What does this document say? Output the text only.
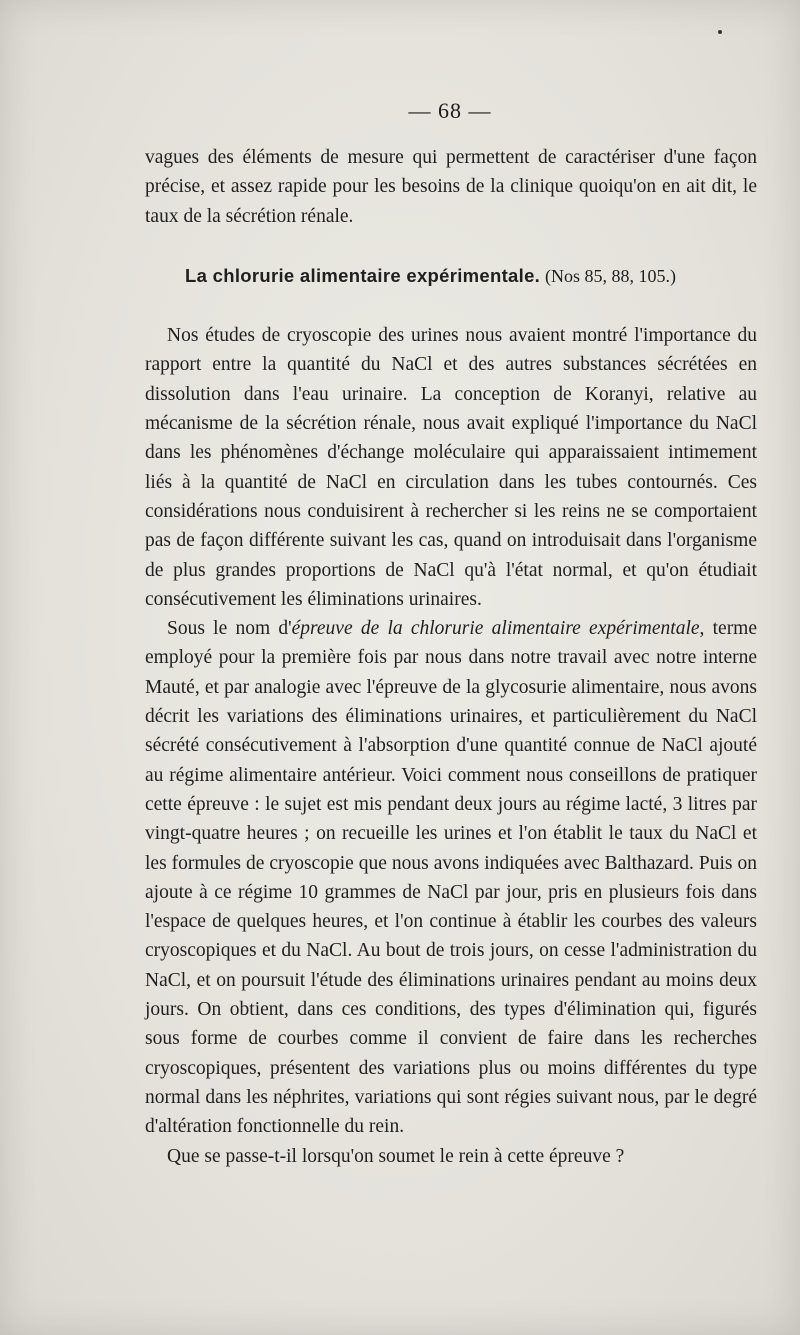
— 68 —

vagues des éléments de mesure qui permettent de caractériser d'une façon précise, et assez rapide pour les besoins de la clinique quoiqu'on en ait dit, le taux de la sécrétion rénale.

La chlorurie alimentaire expérimentale. (Nos 85, 88, 105.)

Nos études de cryoscopie des urines nous avaient montré l'importance du rapport entre la quantité du NaCl et des autres substances sécrétées en dissolution dans l'eau urinaire. La conception de Koranyi, relative au mécanisme de la sécrétion rénale, nous avait expliqué l'importance du NaCl dans les phénomènes d'échange moléculaire qui apparaissaient intimement liés à la quantité de NaCl en circulation dans les tubes contournés. Ces considérations nous conduisirent à rechercher si les reins ne se comportaient pas de façon différente suivant les cas, quand on introduisait dans l'organisme de plus grandes proportions de NaCl qu'à l'état normal, et qu'on étudiait consécutivement les éliminations urinaires.

Sous le nom d'épreuve de la chlorurie alimentaire expérimentale, terme employé pour la première fois par nous dans notre travail avec notre interne Mauté, et par analogie avec l'épreuve de la glycosurie alimentaire, nous avons décrit les variations des éliminations urinaires, et particulièrement du NaCl sécrété consécutivement à l'absorption d'une quantité connue de NaCl ajouté au régime alimentaire antérieur. Voici comment nous conseillons de pratiquer cette épreuve : le sujet est mis pendant deux jours au régime lacté, 3 litres par vingt-quatre heures ; on recueille les urines et l'on établit le taux du NaCl et les formules de cryoscopie que nous avons indiquées avec Balthazard. Puis on ajoute à ce régime 10 grammes de NaCl par jour, pris en plusieurs fois dans l'espace de quelques heures, et l'on continue à établir les courbes des valeurs cryoscopiques et du NaCl. Au bout de trois jours, on cesse l'administration du NaCl, et on poursuit l'étude des éliminations urinaires pendant au moins deux jours. On obtient, dans ces conditions, des types d'élimination qui, figurés sous forme de courbes comme il convient de faire dans les recherches cryoscopiques, présentent des variations plus ou moins différentes du type normal dans les néphrites, variations qui sont régies suivant nous, par le degré d'altération fonctionnelle du rein.

Que se passe-t-il lorsqu'on soumet le rein à cette épreuve ?
